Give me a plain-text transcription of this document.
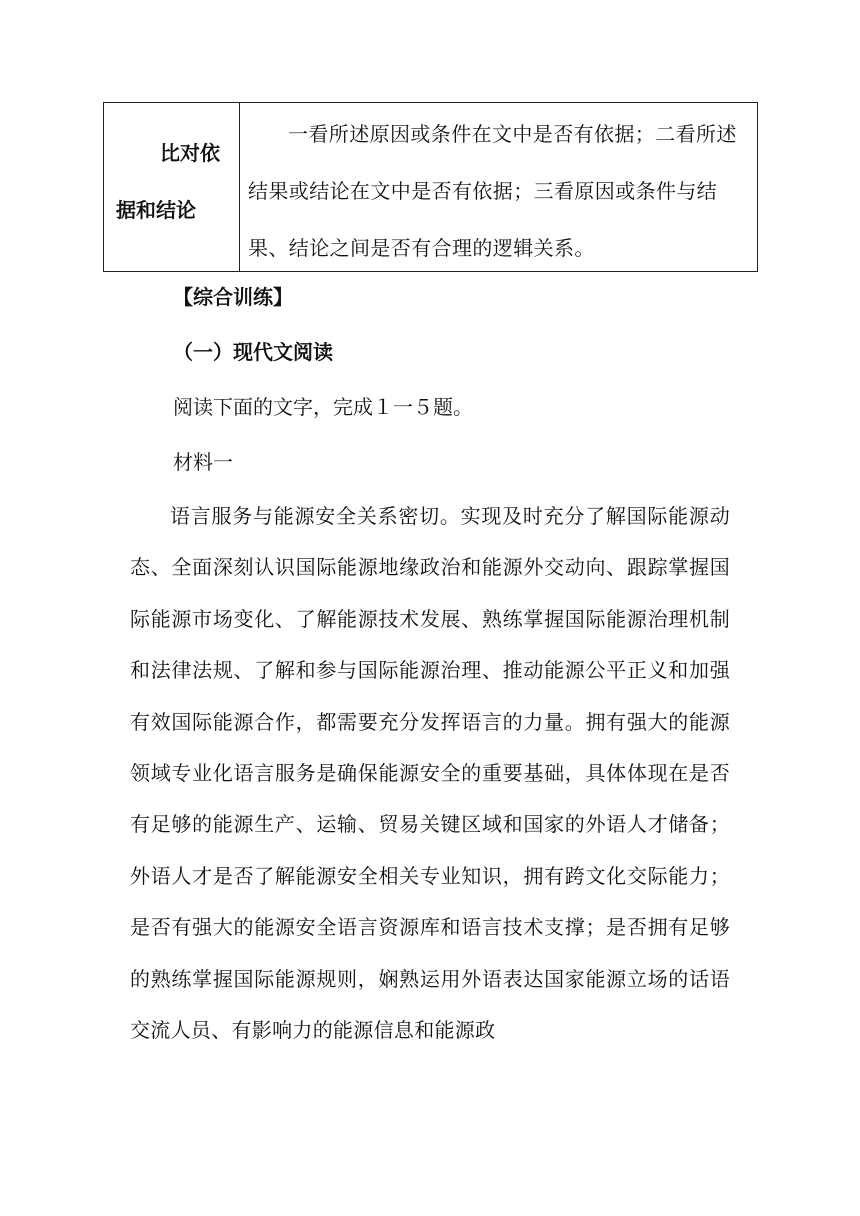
比对依
据和结论

一看所述原因或条件在文中是否有依据；二看所述结果或结论在文中是否有依据；三看原因或条件与结果、结论之间是否有合理的逻辑关系。

【综合训练】
（一）现代文阅读
阅读下面的文字，完成１一５题。
材料一

语言服务与能源安全关系密切。实现及时充分了解国际能源动态、全面深刻认识国际能源地缘政治和能源外交动向、跟踪掌握国际能源市场变化、了解能源技术发展、熟练掌握国际能源治理机制和法律法规、了解和参与国际能源治理、推动能源公平正义和加强有效国际能源合作，都需要充分发挥语言的力量。拥有强大的能源领域专业化语言服务是确保能源安全的重要基础，具体体现在是否有足够的能源生产、运输、贸易关键区域和国家的外语人才储备；外语人才是否了解能源安全相关专业知识，拥有跨文化交际能力；是否有强大的能源安全语言资源库和语言技术支撑；是否拥有足够的熟练掌握国际能源规则，娴熟运用外语表达国家能源立场的话语交流人员、有影响力的能源信息和能源政
